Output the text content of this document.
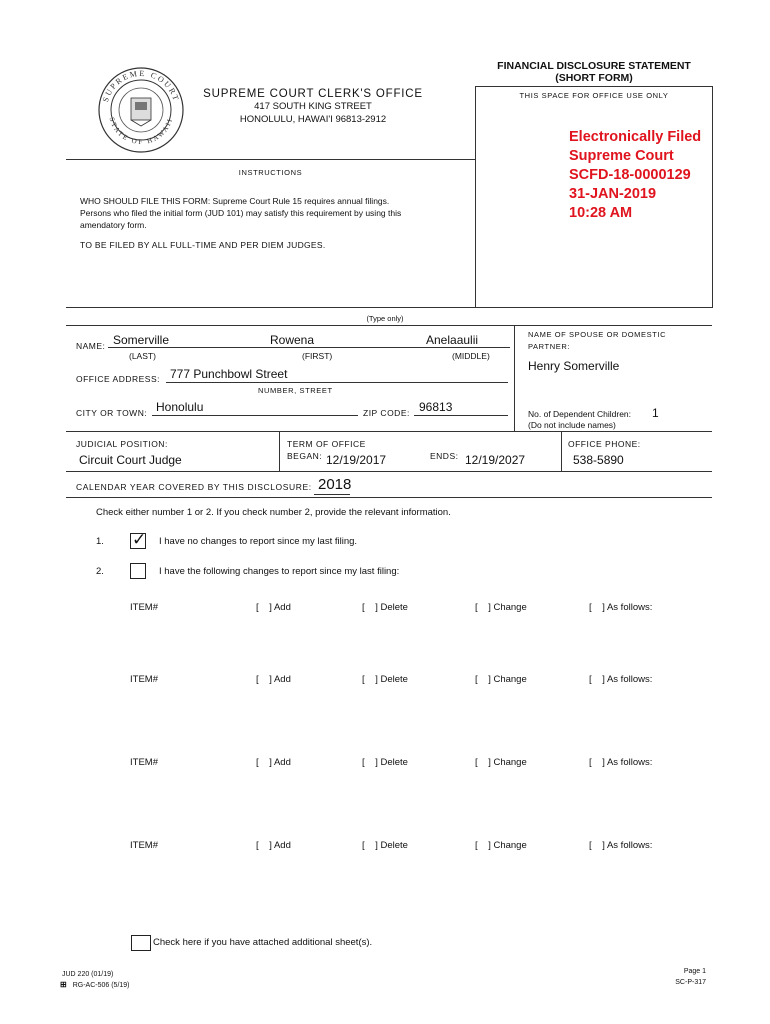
FINANCIAL DISCLOSURE STATEMENT
(SHORT FORM)
THIS SPACE FOR OFFICE USE ONLY
SUPREME COURT
STATE OF HAWAII
SUPREME COURT CLERK'S OFFICE
417 SOUTH KING STREET
HONOLULU, HAWAI'I 96813-2912
Electronically Filed
Supreme Court
SCFD-18-0000129
31-JAN-2019
10:28 AM
INSTRUCTIONS
WHO SHOULD FILE THIS FORM: Supreme Court Rule 15 requires annual filings.
Persons who filed the initial form (JUD 101) may satisfy this requirement by using this
amendatory form.
TO BE FILED BY ALL FULL-TIME AND PER DIEM JUDGES.
(Type only)
NAME: Somerville	Rowena	Anelaaulii
(LAST)	(FIRST)	(MIDDLE)
NAME OF SPOUSE OR DOMESTIC
PARTNER:
Henry Somerville
OFFICE ADDRESS: 777 Punchbowl Street
NUMBER, STREET
CITY OR TOWN: Honolulu	ZIP CODE: 96813	No. of Dependent Children: 1
(Do not include names)
JUDICIAL POSITION:
Circuit Court Judge
TERM OF OFFICE
BEGAN: 12/19/2017	ENDS: 12/19/2027
OFFICE PHONE:
538-5890
CALENDAR YEAR COVERED BY THIS DISCLOSURE: 2018
Check either number 1 or 2. If you check number 2, provide the relevant information.
1. ✓ I have no changes to report since my last filing.
2.	I have the following changes to report since my last filing:
ITEM#	[    ] Add	[    ] Delete	[    ] Change	[    ] As follows:
ITEM#	[    ] Add	[    ] Delete	[    ] Change	[    ] As follows:
ITEM#	[    ] Add	[    ] Delete	[    ] Change	[    ] As follows:
ITEM#	[    ] Add	[    ] Delete	[    ] Change	[    ] As follows:
Check here if you have attached additional sheet(s).
JUD 220 (01/19)
⊞ RG-AC-506 (5/19)
Page 1
SC-P-317
